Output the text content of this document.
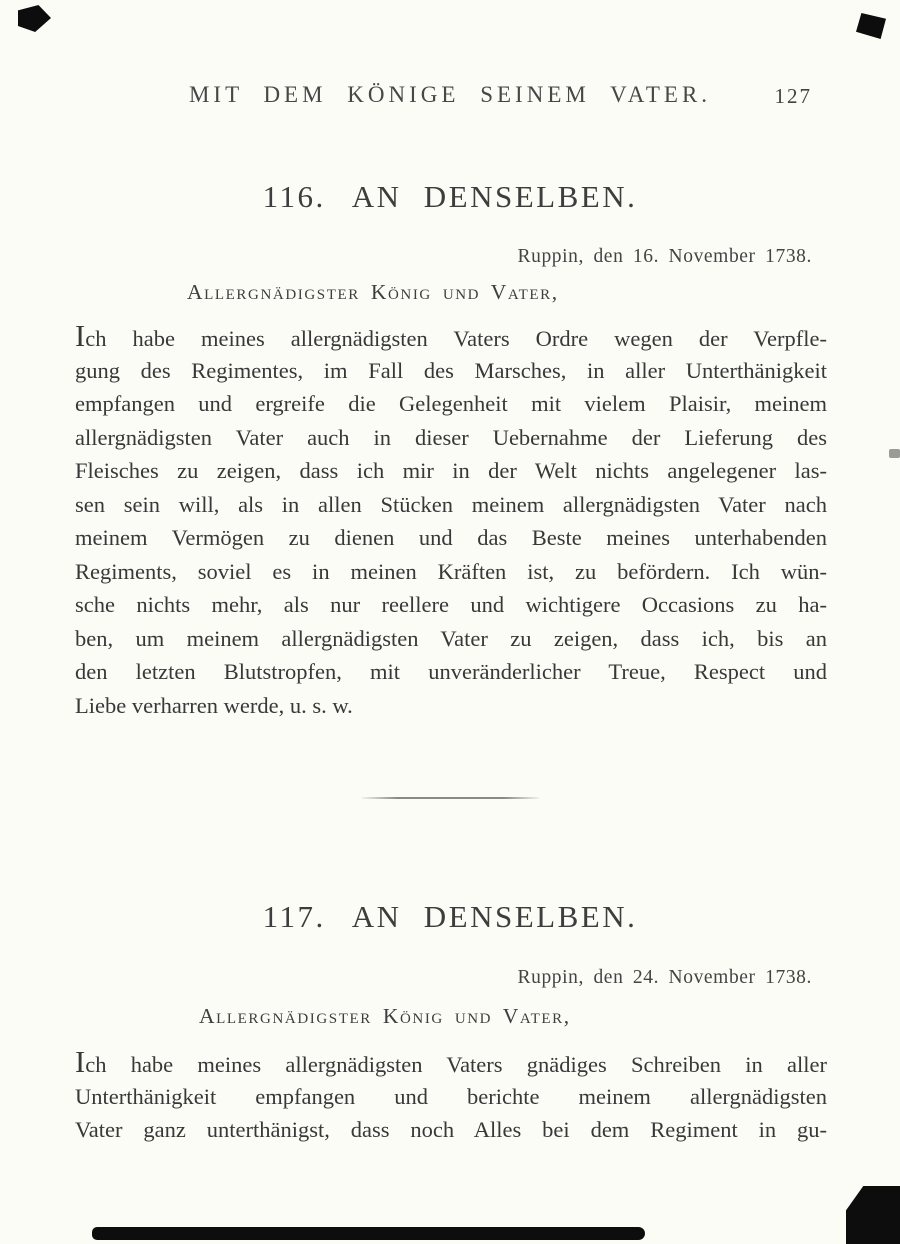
MIT DEM KÖNIGE SEINEM VATER.	127
116. AN DENSELBEN.
Ruppin, den 16. November 1738.
Allergnädigster König und Vater,
Ich habe meines allergnädigsten Vaters Ordre wegen der Verpfle-
gung des Regimentes, im Fall des Marsches, in aller Unterthänigkeit
empfangen und ergreife die Gelegenheit mit vielem Plaisir, meinem
allergnädigsten Vater auch in dieser Uebernahme der Lieferung des
Fleisches zu zeigen, dass ich mir in der Welt nichts angelegener las-
sen sein will, als in allen Stücken meinem allergnädigsten Vater nach
meinem Vermögen zu dienen und das Beste meines unterhabenden
Regiments, soviel es in meinen Kräften ist, zu befördern. Ich wün-
sche nichts mehr, als nur reellere und wichtigere Occasions zu ha-
ben, um meinem allergnädigsten Vater zu zeigen, dass ich, bis an
den letzten Blutstropfen, mit unveränderlicher Treue, Respect und
Liebe verharren werde, u. s. w.
117. AN DENSELBEN.
Ruppin, den 24. November 1738.
Allergnädigster König und Vater,
Ich habe meines allergnädigsten Vaters gnädiges Schreiben in aller
Unterthänigkeit empfangen und berichte meinem allergnädigsten
Vater ganz unterthänigst, dass noch Alles bei dem Regiment in gu-
